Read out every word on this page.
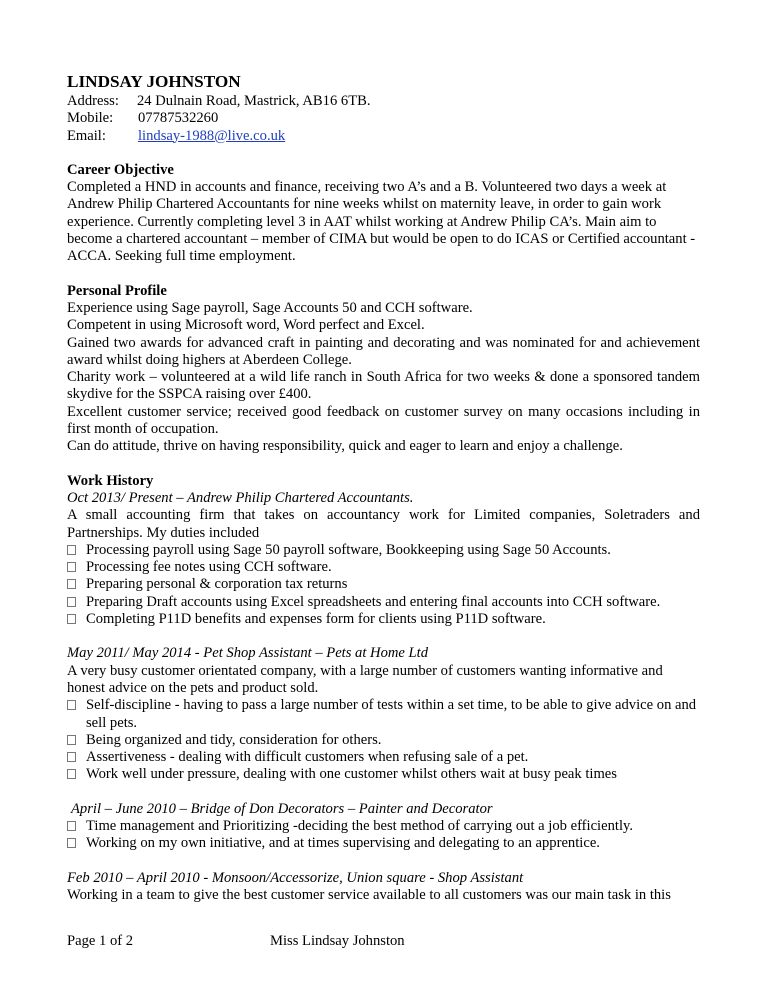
LINDSAY JOHNSTON
Address: 24 Dulnain Road, Mastrick, AB16 6TB.
Mobile: 07787532260
Email: lindsay-1988@live.co.uk
Career Objective

Completed a HND in accounts and finance, receiving two A’s and a B. Volunteered two days a week at Andrew Philip Chartered Accountants for nine weeks whilst on maternity leave, in order to gain work experience. Currently completing level 3 in AAT whilst working at Andrew Philip CA’s. Main aim to become a chartered accountant – member of CIMA but would be open to do ICAS or Certified accountant - ACCA. Seeking full time employment.

Personal Profile

Experience using Sage payroll, Sage Accounts 50 and CCH software.

Competent in using Microsoft word, Word perfect and Excel.

Gained two awards for advanced craft in painting and decorating and was nominated for and achievement award whilst doing highers at Aberdeen College.

Charity work – volunteered at a wild life ranch in South Africa for two weeks & done a sponsored tandem skydive for the SSPCA raising over £400.

Excellent customer service; received good feedback on customer survey on many occasions including in first month of occupation.

Can do attitude, thrive on having responsibility, quick and eager to learn and enjoy a challenge.

Work History
Oct 2013/ Present – Andrew Philip Chartered Accountants.

A small accounting firm that takes on accountancy work for Limited companies, Soletraders and Partnerships. My duties included

Processing payroll using Sage 50 payroll software, Bookkeeping using Sage 50 Accounts.
Processing fee notes using CCH software.
Preparing personal & corporation tax returns
Preparing Draft accounts using Excel spreadsheets and entering final accounts into CCH software.
Completing P11D benefits and expenses form for clients using P11D software.
May 2011/ May 2014 - Pet Shop Assistant – Pets at Home Ltd

A very busy customer orientated company, with a large number of customers wanting informative and honest advice on the pets and product sold.

Self-discipline - having to pass a large number of tests within a set time, to be able to give advice on and sell pets.
Being organized and tidy, consideration for others.
Assertiveness - dealing with difficult customers when refusing sale of a pet.
Work well under pressure, dealing with one customer whilst others wait at busy peak times
April – June 2010 – Bridge of Don Decorators – Painter and Decorator
Time management and Prioritizing -deciding the best method of carrying out a job efficiently.
Working on my own initiative, and at times supervising and delegating to an apprentice.
Feb 2010 – April 2010 - Monsoon/Accessorize, Union square - Shop Assistant

Working in a team to give the best customer service available to all customers was our main task in this

Page 1 of 2	Miss Lindsay Johnston
